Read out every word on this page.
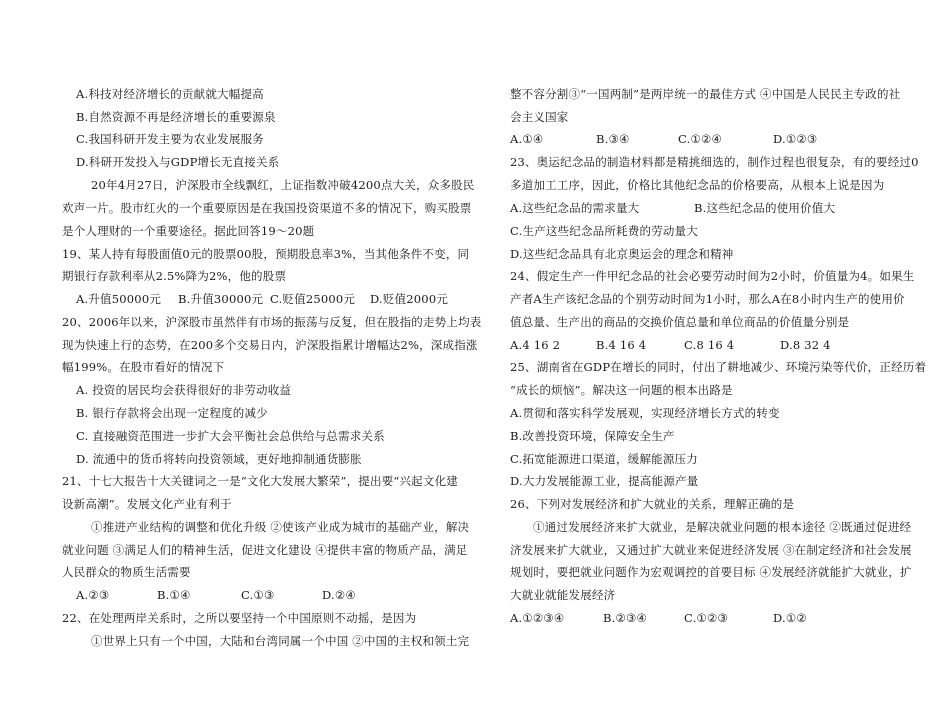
A.科技对经济增长的贡献就大幅提高
B.自然资源不再是经济增长的重要源泉
C.我国科研开发主要为农业发展服务
D.科研开发投入与GDP增长无直接关系
20年4月27日，沪深股市全线飘红，上证指数冲破4200点大关，众多股民
欢声一片。股市红火的一个重要原因是在我国投资渠道不多的情况下，购买股票
是个人理财的一个重要途径。据此回答19～20题
19、某人持有每股面值0元的股票00股，预期股息率3%，当其他条件不变，同
期银行存款利率从2.5%降为2%，他的股票
A.升值50000元 B.升值30000元 C.贬值25000元 D.贬值2000元
20、2006年以来，沪深股市虽然伴有市场的振荡与反复，但在股指的走势上均表
现为快速上行的态势，在200多个交易日内，沪深股指累计增幅达2%，深成指涨
幅199%。在股市看好的情况下
A. 投资的居民均会获得很好的非劳动收益
B. 银行存款将会出现一定程度的减少
C. 直接融资范围进一步扩大会平衡社会总供给与总需求关系
D. 流通中的货币将转向投资领域，更好地抑制通货膨胀
21、十七大报告十大关键词之一是“文化大发展大繁荣”，提出要“兴起文化建
设新高潮”。发展文化产业有利于
①推进产业结构的调整和优化升级 ②使该产业成为城市的基础产业，解决
就业问题 ③满足人们的精神生活，促进文化建设 ④提供丰富的物质产品，满足
人民群众的物质生活需要
A.②③	B.①④	C.①③	D.②④
22、在处理两岸关系时，之所以要坚持一个中国原则不动摇，是因为
①世界上只有一个中国，大陆和台湾同属一个中国 ②中国的主权和领土完
整不容分割③“一国两制”是两岸统一的最佳方式 ④中国是人民民主专政的社
会主义国家
A.①④	B.③④	C.①②④	D.①②③
23、奥运纪念品的制造材料都是精挑细选的，制作过程也很复杂，有的要经过0
多道加工工序，因此，价格比其他纪念品的价格要高，从根本上说是因为
A.这些纪念品的需求量大	B.这些纪念品的使用价值大
C.生产这些纪念品所耗费的劳动量大
D.这些纪念品具有北京奥运会的理念和精神
24、假定生产一件甲纪念品的社会必要劳动时间为2小时，价值量为4。如果生
产者A生产该纪念品的个别劳动时间为1小时，那么A在8小时内生产的使用价
值总量、生产出的商品的交换价值总量和单位商品的价值量分别是
A.4 16 2	B.4 16 4	C.8 16 4	D.8 32 4
25、湖南省在GDP在增长的同时，付出了耕地减少、环境污染等代价，正经历着
“成长的烦恼”。解决这一问题的根本出路是
A.贯彻和落实科学发展观，实现经济增长方式的转变
B.改善投资环境，保障安全生产
C.拓宽能源进口渠道，缓解能源压力
D.大力发展能源工业，提高能源产量
26、下列对发展经济和扩大就业的关系，理解正确的是
①通过发展经济来扩大就业，是解决就业问题的根本途径 ②既通过促进经
济发展来扩大就业，又通过扩大就业来促进经济发展 ③在制定经济和社会发展
规划时，要把就业问题作为宏观调控的首要目标 ④发展经济就能扩大就业，扩
大就业就能发展经济
A.①②③④	B.②③④	C.①②③	D.①②
